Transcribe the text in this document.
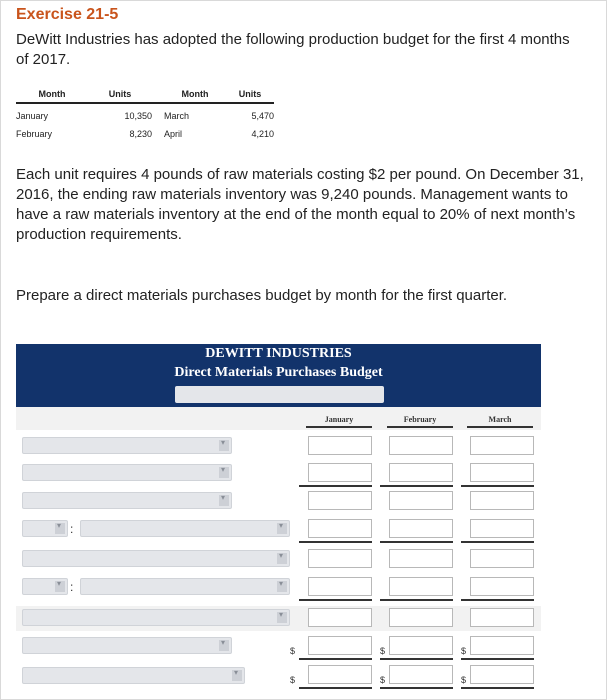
Exercise 21-5
DeWitt Industries has adopted the following production budget for the first 4 months of 2017.
Month	Units	Month	Units
January	10,350	March	5,470
February	8,230	April	4,210
Each unit requires 4 pounds of raw materials costing $2 per pound. On December 31, 2016, the ending raw materials inventory was 9,240 pounds. Management wants to have a raw materials inventory at the end of the month equal to 20% of next month’s production requirements.
Prepare a direct materials purchases budget by month for the first quarter.
DEWITT INDUSTRIES
Direct Materials Purchases Budget
January	February	March
▾
▾
▾
▾
:
▾
▾
▾
:
▾
▾
▾
$	$	$
▾
$	$	$
